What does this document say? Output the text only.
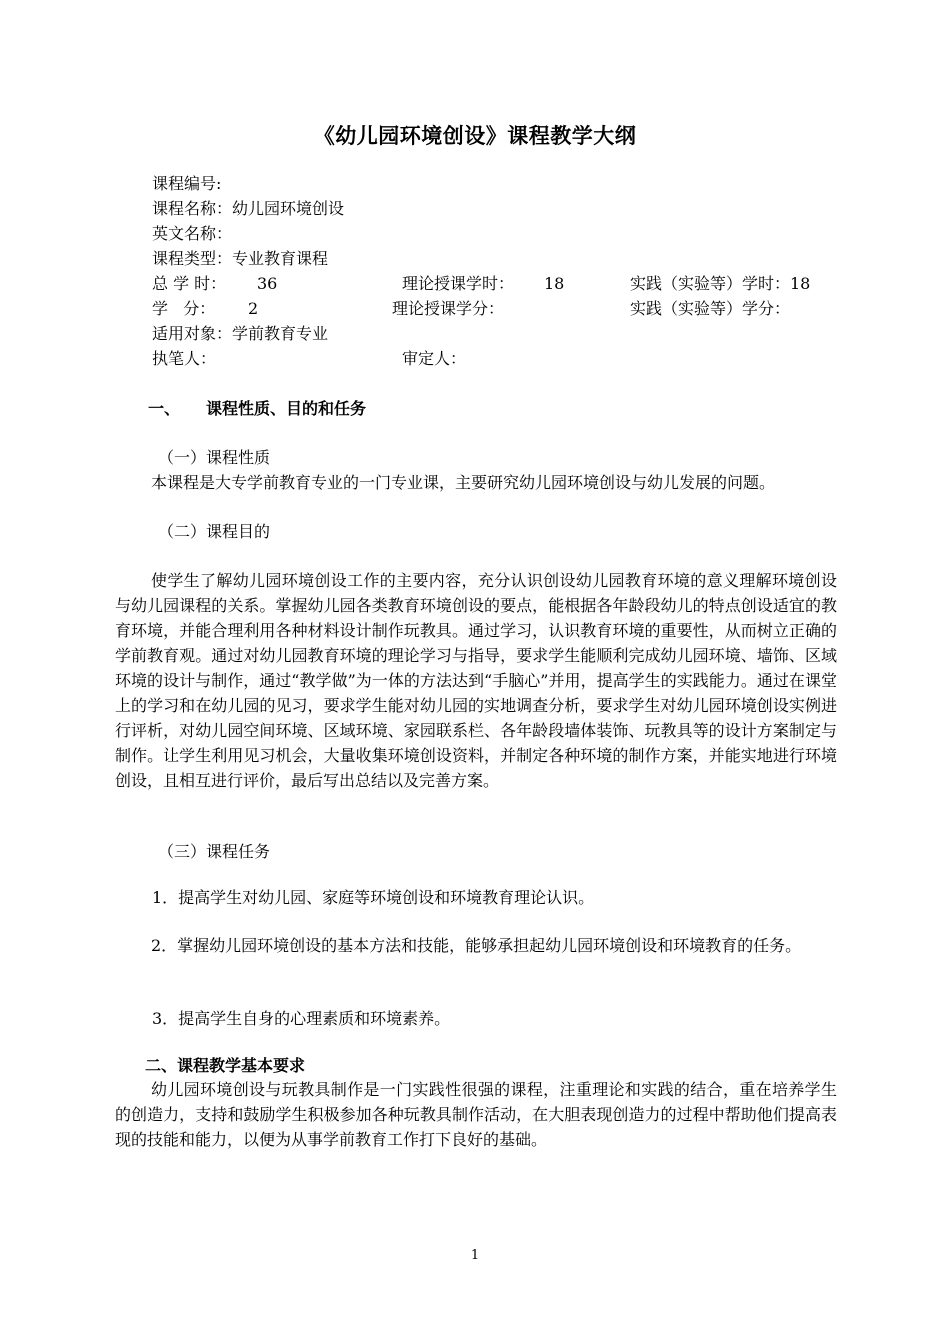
《幼儿园环境创设》课程教学大纲
课程编号:
课程名称：幼儿园环境创设
英文名称：
课程类型：专业教育课程
总 学 时： 36	理论授课学时： 18	实践（实验等）学时：18
学   分： 2	理论授课学分：	实践（实验等）学分：
适用对象：学前教育专业
执笔人：	审定人：
一、 课程性质、目的和任务
（一）课程性质

本课程是大专学前教育专业的一门专业课，主要研究幼儿园环境创设与幼儿发展的问题。

（二）课程目的

使学生了解幼儿园环境创设工作的主要内容，充分认识创设幼儿园教育环境的意义理解环境创设与幼儿园课程的关系。掌握幼儿园各类教育环境创设的要点，能根据各年龄段幼儿的特点创设适宜的教育环境，并能合理利用各种材料设计制作玩教具。通过学习，认识教育环境的重要性，从而树立正确的学前教育观。通过对幼儿园教育环境的理论学习与指导，要求学生能顺利完成幼儿园环境、墙饰、区域环境的设计与制作，通过“教学做”为一体的方法达到“手脑心”并用，提高学生的实践能力。通过在课堂上的学习和在幼儿园的见习，要求学生能对幼儿园的实地调查分析，要求学生对幼儿园环境创设实例进行评析，对幼儿园空间环境、区域环境、家园联系栏、各年龄段墙体装饰、玩教具等的设计方案制定与制作。让学生利用见习机会，大量收集环境创设资料，并制定各种环境的制作方案，并能实地进行环境创设，且相互进行评价，最后写出总结以及完善方案。

（三）课程任务
1．提高学生对幼儿园、家庭等环境创设和环境教育理论认识。

2．掌握幼儿园环境创设的基本方法和技能，能够承担起幼儿园环境创设和环境教育的任务。

3．提高学生自身的心理素质和环境素养。
二、课程教学基本要求

幼儿园环境创设与玩教具制作是一门实践性很强的课程，注重理论和实践的结合，重在培养学生的创造力，支持和鼓励学生积极参加各种玩教具制作活动，在大胆表现创造力的过程中帮助他们提高表现的技能和能力，以便为从事学前教育工作打下良好的基础。

1
